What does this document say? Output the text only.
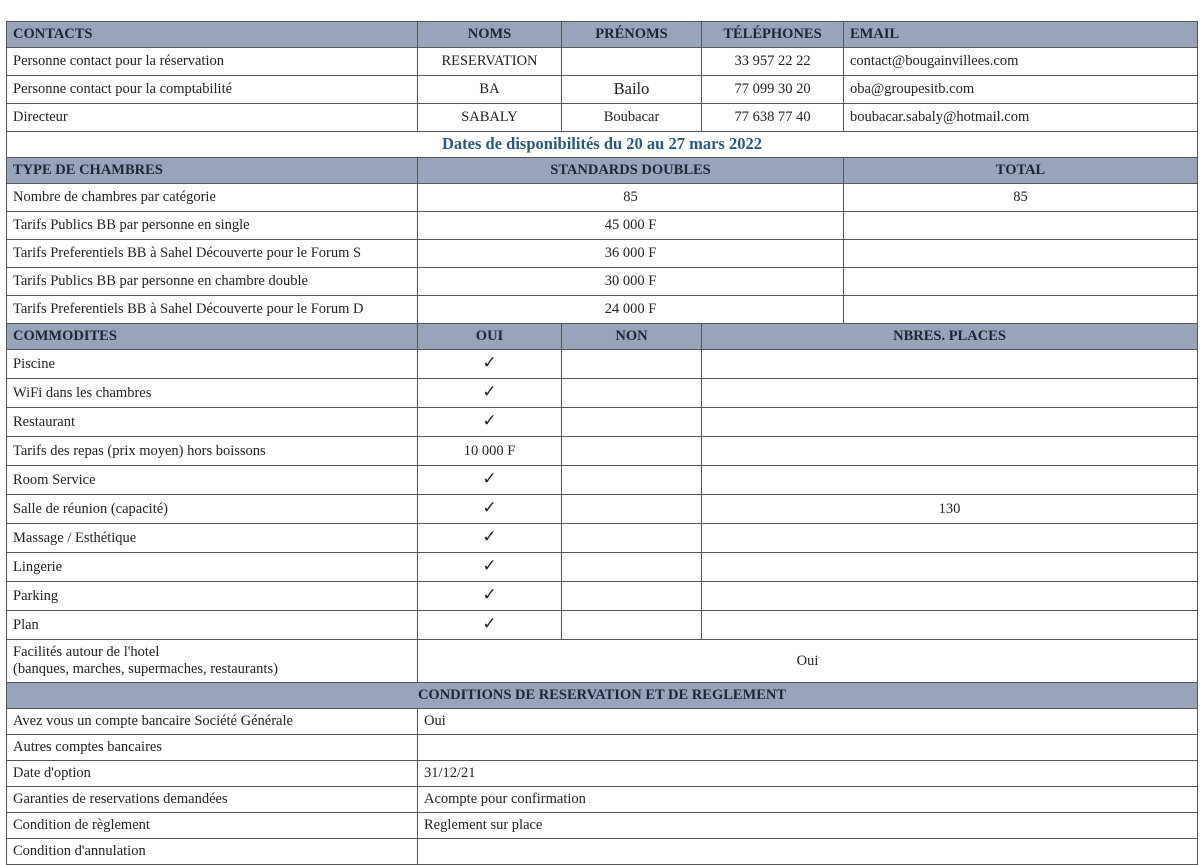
CONTACTS	NOMS	PRÉNOMS	TÉLÉPHONES	EMAIL
Personne contact pour la réservation	RESERVATION		33 957 22 22	contact@bougainvillees.com
Personne contact pour la comptabilité	BA	Bailo	77 099 30 20	oba@groupesitb.com
Directeur	SABALY	Boubacar	77 638 77 40	boubacar.sabaly@hotmail.com
Dates de disponibilités du 20 au 27 mars 2022				
TYPE DE CHAMBRES	STANDARDS DOUBLES			TOTAL
Nombre de chambres par catégorie	85			85
Tarifs Publics BB par personne en single	45 000 F			
Tarifs Preferentiels BB à Sahel Découverte pour le Forum S	36 000 F			
Tarifs Publics BB par personne en chambre double	30 000 F			
Tarifs Preferentiels BB à Sahel Découverte pour le Forum D	24 000 F			
COMMODITES	OUI	NON	NBRES. PLACES	
Piscine	✓			
WiFi dans les chambres	✓			
Restaurant	✓			
Tarifs des repas (prix moyen) hors boissons	10 000 F			
Room Service	✓			
Salle de réunion (capacité)	✓		130	
Massage / Esthétique	✓			
Lingerie	✓			
Parking	✓			
Plan	✓			

Facilités autour de l'hotel
(banques, marches, supermaches, restaurants)	Oui			
CONDITIONS DE RESERVATION ET DE REGLEMENT				
Avez vous un compte bancaire Société Générale	Oui			
Autres comptes bancaires				
Date d'option	31/12/21			
Garanties de reservations demandées	Acompte pour confirmation			
Condition de règlement	Reglement sur place			
Condition d'annulation				
